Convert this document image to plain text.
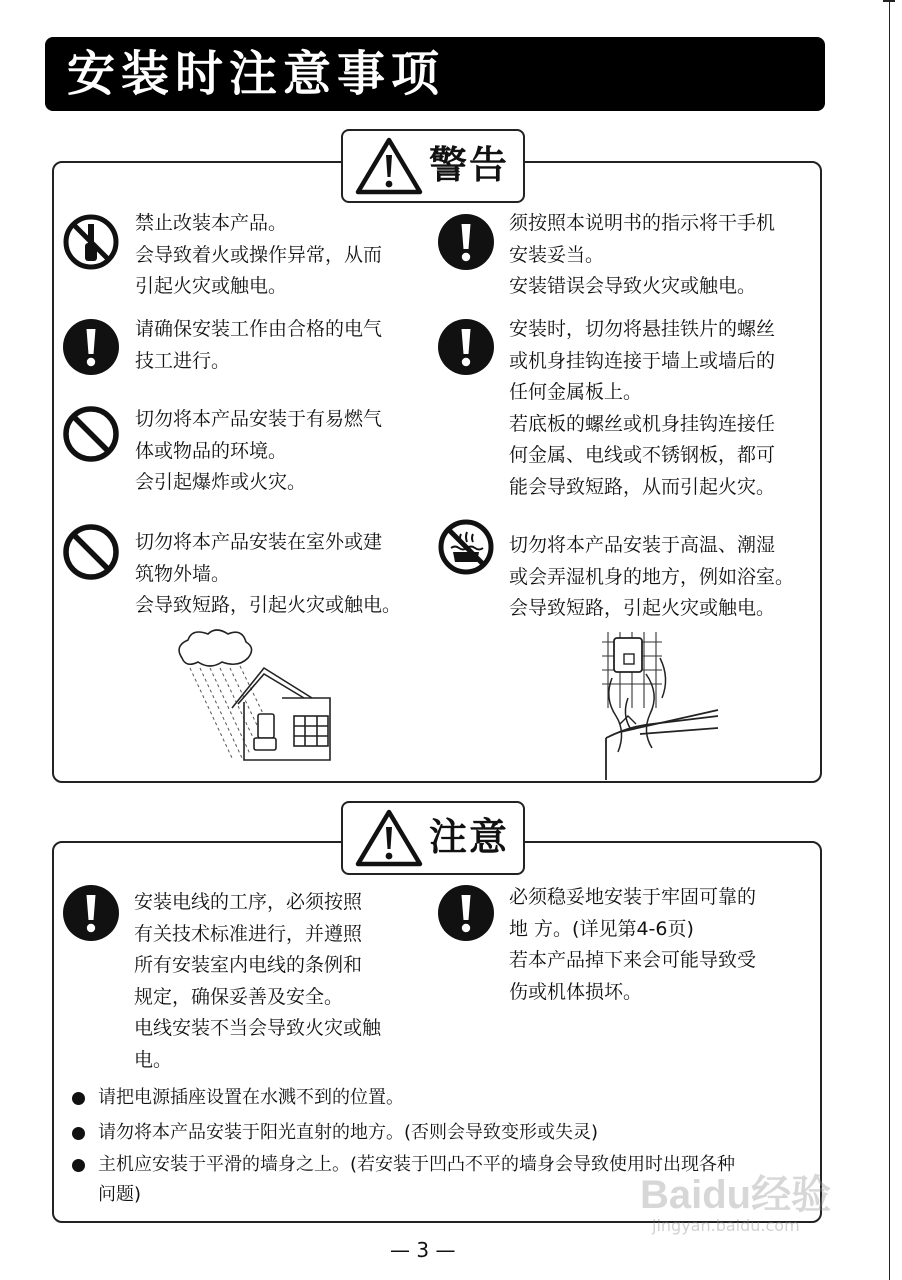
安装时注意事项
警告
禁止改装本产品。
会导致着火或操作异常，从而
引起火灾或触电。
须按照本说明书的指示将干手机
安装妥当。
安装错误会导致火灾或触电。
请确保安装工作由合格的电气
技工进行。
安装时，切勿将悬挂铁片的螺丝
或机身挂钩连接于墙上或墙后的
任何金属板上。
若底板的螺丝或机身挂钩连接任
何金属、电线或不锈钢板，都可
能会导致短路，从而引起火灾。
切勿将本产品安装于有易燃气
体或物品的环境。
会引起爆炸或火灾。
切勿将本产品安装在室外或建
筑物外墙。
会导致短路，引起火灾或触电。
切勿将本产品安装于高温、潮湿
或会弄湿机身的地方，例如浴室。
会导致短路，引起火灾或触电。
注意
安装电线的工序，必须按照
有关技术标准进行，并遵照
所有安装室内电线的条例和
规定，确保妥善及安全。
电线安装不当会导致火灾或触
电。
必须稳妥地安装于牢固可靠的
地 方。(详见第4-6页)
若本产品掉下来会可能导致受
伤或机体损坏。
请把电源插座设置在水溅不到的位置。
请勿将本产品安装于阳光直射的地方。(否则会导致变形或失灵)
主机应安装于平滑的墙身之上。(若安装于凹凸不平的墙身会导致使用时出现各种
问题)	Baidu经验
jingyan.baidu.com
— 3 —
